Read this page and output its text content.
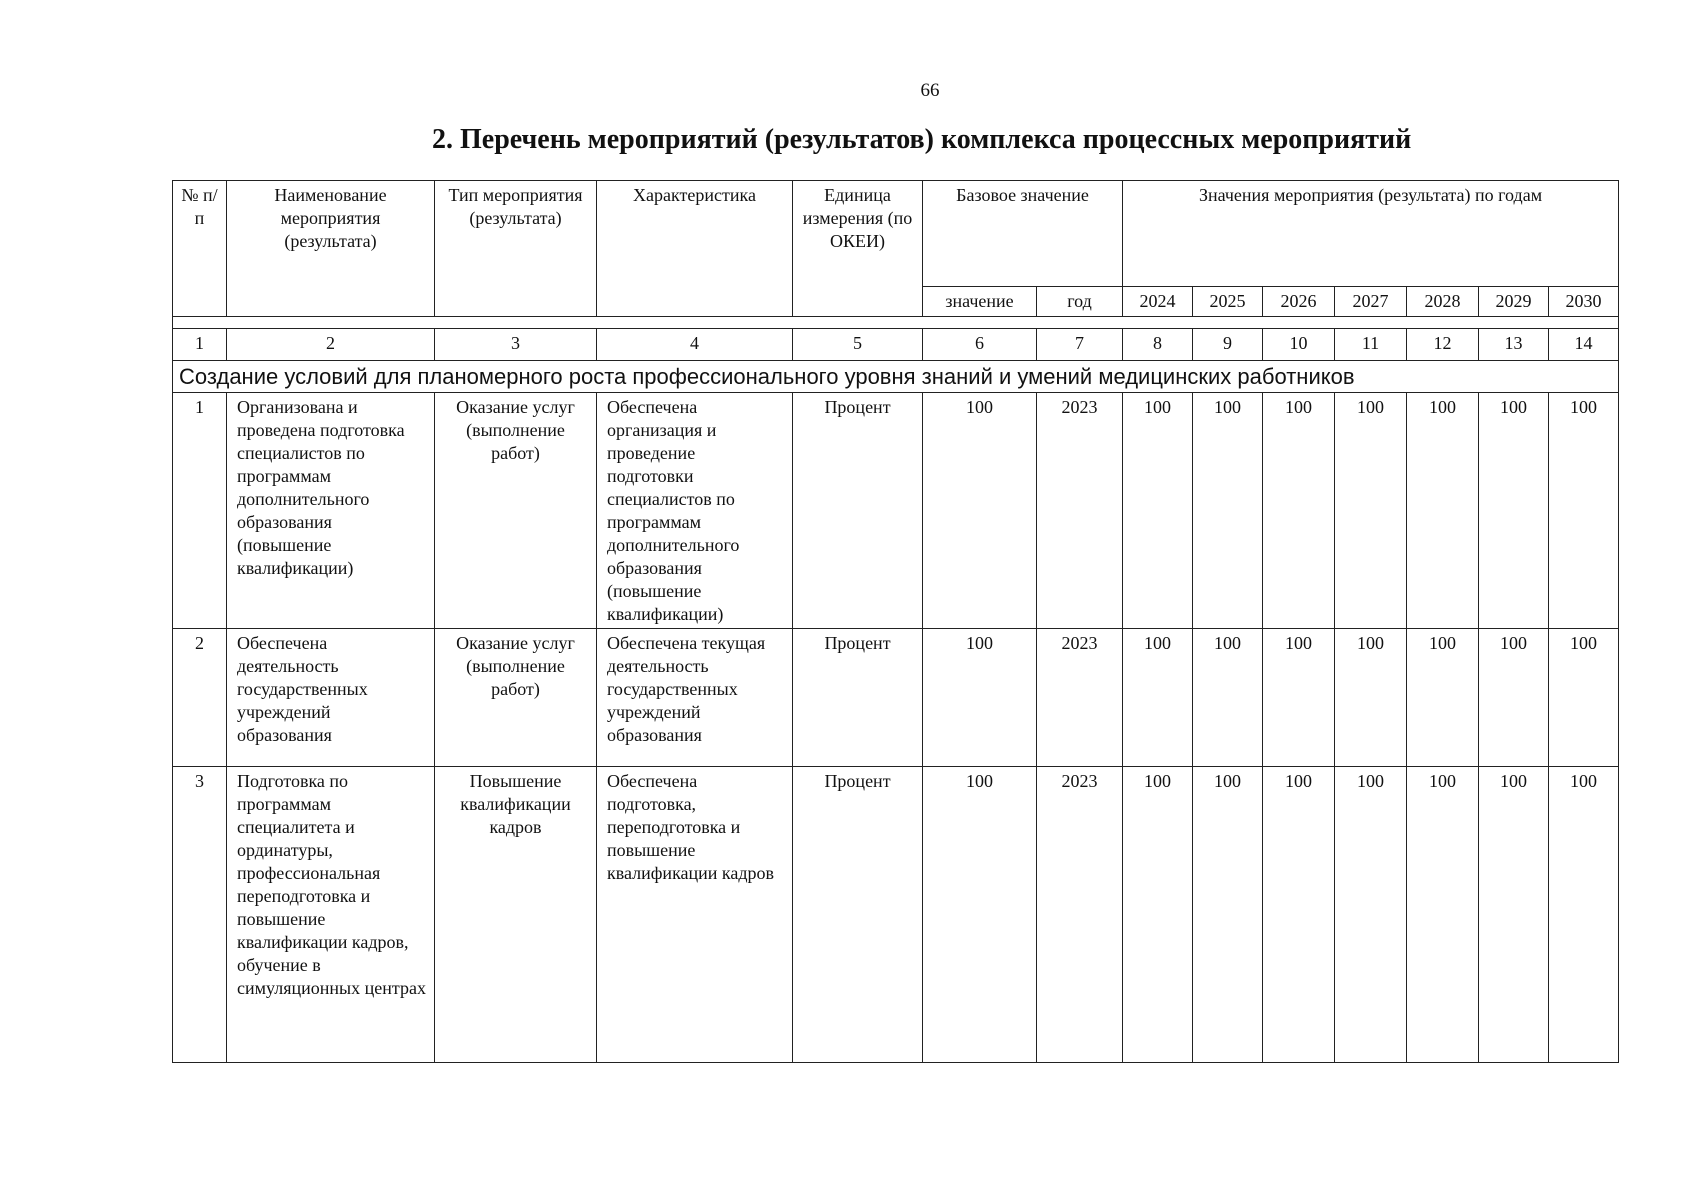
66
2. Перечень мероприятий (результатов) комплекса процессных мероприятий
№ п/п	Наименование мероприятия (результата)	Тип мероприятия (результата)	Характеристика	Единица измерения (по ОКЕИ)	Базовое значение		Значения мероприятия (результата) по годам						
					значение	год	2024	2025	2026	2027	2028	2029	2030

1	2	3	4	5	6	7	8	9	10	11	12	13	14
Создание условий для планомерного роста профессионального уровня знаний и умений медицинских работников													
1	Организована и проведена подготовка специалистов по программам дополнительного образования (повышение квалификации)	Оказание услуг (выполнение работ)	Обеспечена организация и проведение подготовки специалистов по программам дополнительного образования (повышение квалификации)	Процент	100	2023	100	100	100	100	100	100	100
2	Обеспечена деятельность государственных учреждений образования	Оказание услуг (выполнение работ)	Обеспечена текущая деятельность государственных учреждений образования	Процент	100	2023	100	100	100	100	100	100	100
3	Подготовка по программам специалитета и ординатуры, профессиональная переподготовка и повышение квалификации кадров, обучение в симуляционных центрах	Повышение квалификации кадров	Обеспечена подготовка, переподготовка и повышение квалификации кадров	Процент	100	2023	100	100	100	100	100	100	100
